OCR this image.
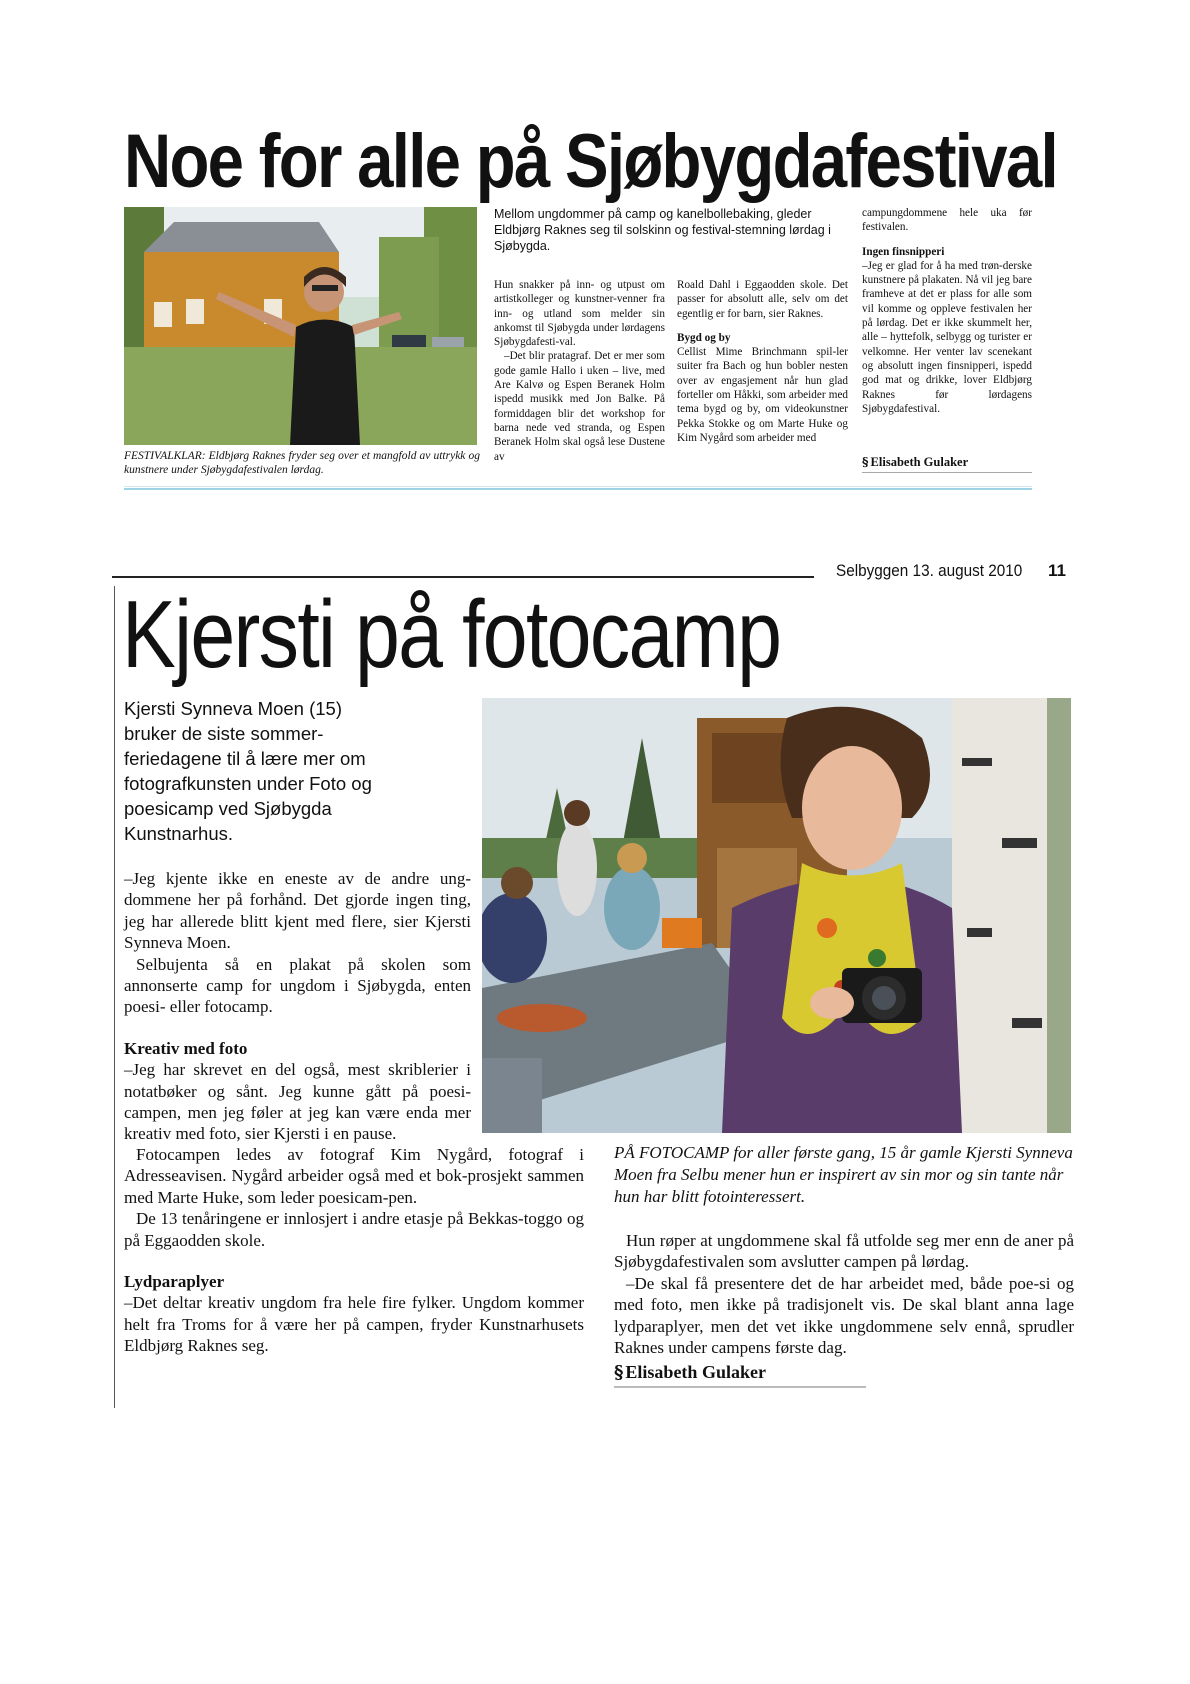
Noe for alle på Sjøbygdafestival
FESTIVALKLAR: Eldbjørg Raknes fryder seg over et mangfold av uttrykk og kunstnere under Sjøbygdafestivalen lørdag.
Mellom ungdommer på camp og kanelbollebaking, gleder Eldbjørg Raknes seg til solskinn og festival-stemning lørdag i Sjøbygda.

Hun snakker på inn- og utpust om artistkolleger og kunstner-venner fra inn- og utland som melder sin ankomst til Sjøbygda under lørdagens Sjøbygdafesti-val.

–Det blir pratagraf. Det er mer som gode gamle Hallo i uken – live, med Are Kalvø og Espen Beranek Holm ispedd musikk med Jon Balke. På formiddagen blir det workshop for barna nede ved stranda, og Espen Beranek Holm skal også lese Dustene av

Roald Dahl i Eggaodden skole. Det passer for absolutt alle, selv om det egentlig er for barn, sier Raknes.

Bygd og by

Cellist Mime Brinchmann spil-ler suiter fra Bach og hun bobler nesten over av engasjement når hun glad forteller om Håkki, som arbeider med tema bygd og by, om videokunstner Pekka Stokke og om Marte Huke og Kim Nygård som arbeider med

campungdommene hele uka før festivalen.

Ingen finsnipperi

–Jeg er glad for å ha med trøn-derske kunstnere på plakaten. Nå vil jeg bare framheve at det er plass for alle som vil komme og oppleve festivalen her på lørdag. Det er ikke skummelt her, alle – hyttefolk, selbygg og turister er velkomne. Her venter lav scenekant og absolutt ingen finsnipperi, ispedd god mat og drikke, lover Eldbjørg Raknes før lørdagens Sjøbygdafestival.

§ Elisabeth Gulaker
Selbyggen 13. august 2010 11
Kjersti på fotocamp
Kjersti Synneva Moen (15) bruker de siste sommer-feriedagene til å lære mer om fotografkunsten under Foto og poesicamp ved Sjøbygda Kunstnarhus.

–Jeg kjente ikke en eneste av de andre ung-dommene her på forhånd. Det gjorde ingen ting, jeg har allerede blitt kjent med flere, sier Kjersti Synneva Moen.

Selbujenta så en plakat på skolen som annonserte camp for ungdom i Sjøbygda, enten poesi- eller fotocamp.

Kreativ med foto

–Jeg har skrevet en del også, mest skriblerier i notatbøker og sånt. Jeg kunne gått på poesi-campen, men jeg føler at jeg kan være enda mer kreativ med foto, sier Kjersti i en pause.

Fotocampen ledes av fotograf Kim Nygård, fotograf i Adresseavisen. Nygård arbeider også med et bok-prosjekt sammen med Marte Huke, som leder poesicam-pen.

De 13 tenåringene er innlosjert i andre etasje på Bekkas-toggo og på Eggaodden skole.

Lydparaplyer

–Det deltar kreativ ungdom fra hele fire fylker. Ungdom kommer helt fra Troms for å være her på campen, fryder Kunstnarhusets Eldbjørg Raknes seg.

PÅ FOTOCAMP for aller første gang, 15 år gamle Kjersti Synneva Moen fra Selbu mener hun er inspirert av sin mor og sin tante når hun har blitt fotointeressert.

Hun røper at ungdommene skal få utfolde seg mer enn de aner på Sjøbygdafestivalen som avslutter campen på lørdag.

–De skal få presentere det de har arbeidet med, både poe-si og med foto, men ikke på tradisjonelt vis. De skal blant anna lage lydparaplyer, men det vet ikke ungdommene selv ennå, sprudler Raknes under campens første dag.

§ Elisabeth Gulaker
